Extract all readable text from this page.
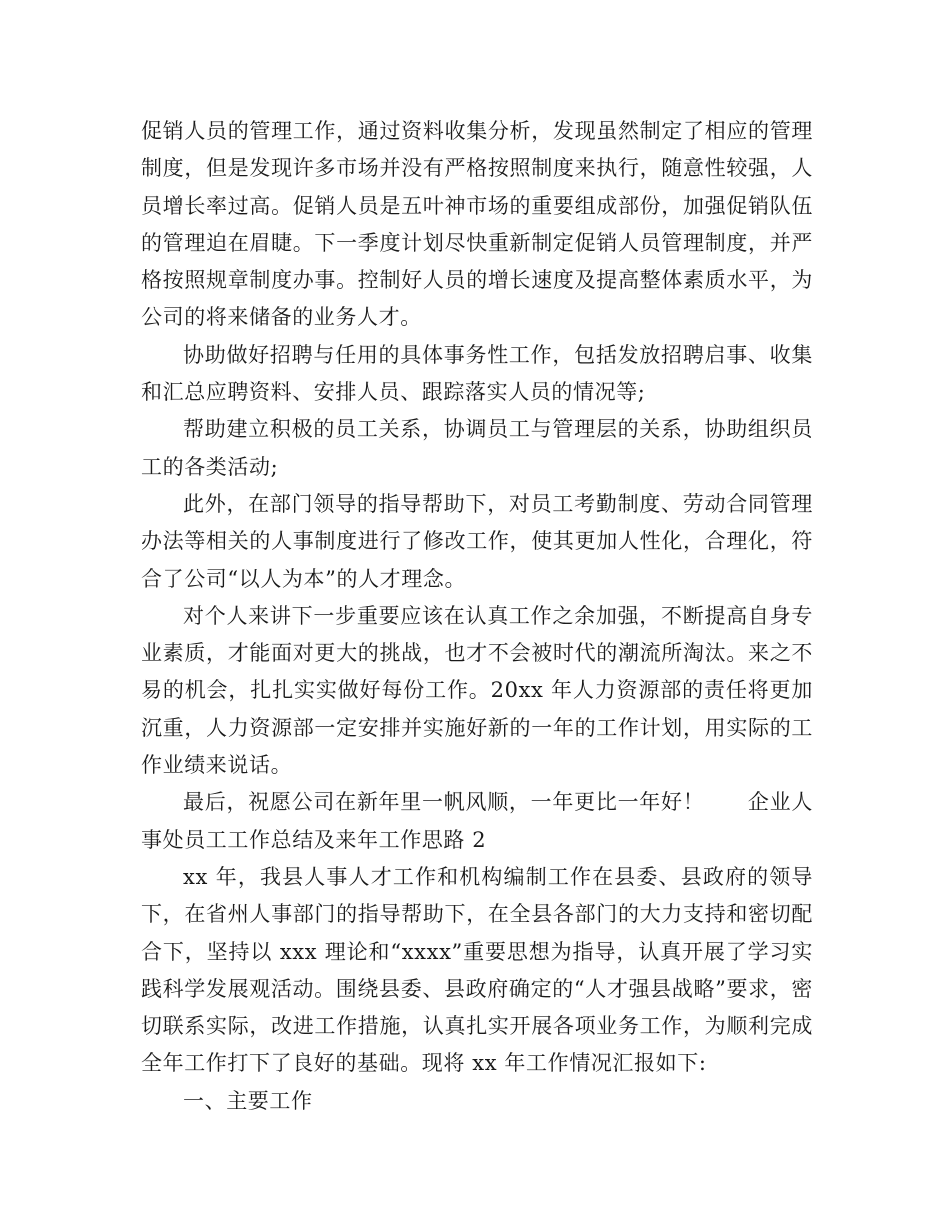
促销人员的管理工作，通过资料收集分析，发现虽然制定了相应的管理制度，但是发现许多市场并没有严格按照制度来执行，随意性较强，人员增长率过高。促销人员是五叶神市场的重要组成部份，加强促销队伍的管理迫在眉睫。下一季度计划尽快重新制定促销人员管理制度，并严格按照规章制度办事。控制好人员的增长速度及提高整体素质水平，为公司的将来储备的业务人才。

协助做好招聘与任用的具体事务性工作，包括发放招聘启事、收集和汇总应聘资料、安排人员、跟踪落实人员的情况等;

帮助建立积极的员工关系，协调员工与管理层的关系，协助组织员工的各类活动;

此外，在部门领导的指导帮助下，对员工考勤制度、劳动合同管理办法等相关的人事制度进行了修改工作，使其更加人性化，合理化，符合了公司“以人为本”的人才理念。

对个人来讲下一步重要应该在认真工作之余加强，不断提高自身专业素质，才能面对更大的挑战，也才不会被时代的潮流所淘汰。来之不易的机会，扎扎实实做好每份工作。20xx 年人力资源部的责任将更加沉重，人力资源部一定安排并实施好新的一年的工作计划，用实际的工作业绩来说话。

最后，祝愿公司在新年里一帆风顺，一年更比一年好！　　企业人事处员工工作总结及来年工作思路 2

xx 年，我县人事人才工作和机构编制工作在县委、县政府的领导下，在省州人事部门的指导帮助下，在全县各部门的大力支持和密切配合下，坚持以 xxx 理论和“xxxx”重要思想为指导，认真开展了学习实践科学发展观活动。围绕县委、县政府确定的“人才强县战略”要求，密切联系实际，改进工作措施，认真扎实开展各项业务工作，为顺利完成全年工作打下了良好的基础。现将 xx 年工作情况汇报如下:

一、主要工作
